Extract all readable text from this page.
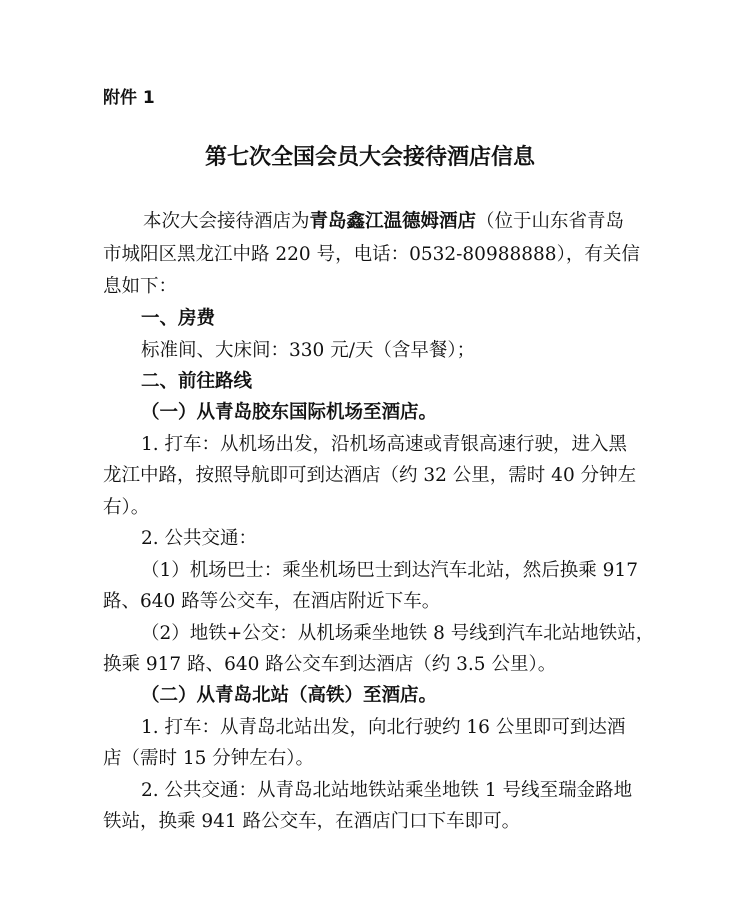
附件 1
第七次全国会员大会接待酒店信息
本次大会接待酒店为青岛鑫江温德姆酒店（位于山东省青岛
市城阳区黑龙江中路 220 号，电话：0532-80988888），有关信
息如下：
一、房费
标准间、大床间：330 元/天（含早餐）；
二、前往路线
（一）从青岛胶东国际机场至酒店。
1. 打车：从机场出发，沿机场高速或青银高速行驶，进入黑
龙江中路，按照导航即可到达酒店（约 32 公里，需时 40 分钟左
右）。
2. 公共交通：
（1）机场巴士：乘坐机场巴士到达汽车北站，然后换乘 917
路、640 路等公交车，在酒店附近下车。
（2）地铁+公交：从机场乘坐地铁 8 号线到汽车北站地铁站，
换乘 917 路、640 路公交车到达酒店（约 3.5 公里）。
（二）从青岛北站（高铁）至酒店。
1. 打车：从青岛北站出发，向北行驶约 16 公里即可到达酒
店（需时 15 分钟左右）。
2. 公共交通：从青岛北站地铁站乘坐地铁 1 号线至瑞金路地
铁站，换乘 941 路公交车，在酒店门口下车即可。
